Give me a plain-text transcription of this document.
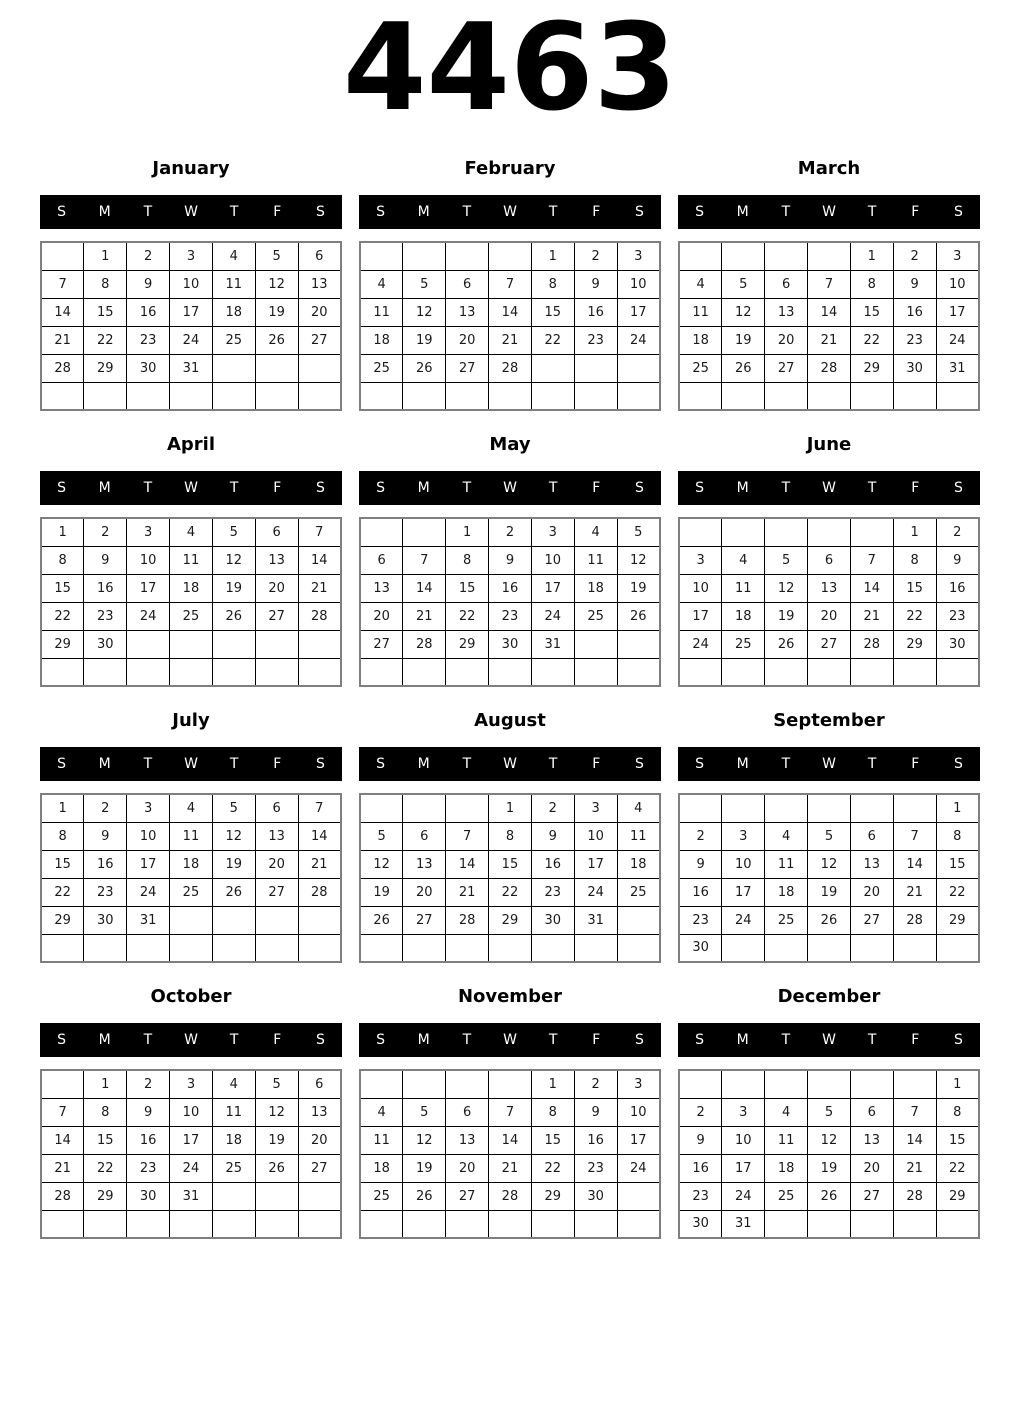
4463
January
S	M	T	W	T	F	S
	1	2	3	4	5	6
7	8	9	10	11	12	13
14	15	16	17	18	19	20
21	22	23	24	25	26	27
28	29	30	31			

February
S	M	T	W	T	F	S
				1	2	3
4	5	6	7	8	9	10
11	12	13	14	15	16	17
18	19	20	21	22	23	24
25	26	27	28			

March
S	M	T	W	T	F	S
				1	2	3
4	5	6	7	8	9	10
11	12	13	14	15	16	17
18	19	20	21	22	23	24
25	26	27	28	29	30	31

April
S	M	T	W	T	F	S
1	2	3	4	5	6	7
8	9	10	11	12	13	14
15	16	17	18	19	20	21
22	23	24	25	26	27	28
29	30					

May
S	M	T	W	T	F	S
		1	2	3	4	5
6	7	8	9	10	11	12
13	14	15	16	17	18	19
20	21	22	23	24	25	26
27	28	29	30	31		

June
S	M	T	W	T	F	S
					1	2
3	4	5	6	7	8	9
10	11	12	13	14	15	16
17	18	19	20	21	22	23
24	25	26	27	28	29	30

July
S	M	T	W	T	F	S
1	2	3	4	5	6	7
8	9	10	11	12	13	14
15	16	17	18	19	20	21
22	23	24	25	26	27	28
29	30	31				

August
S	M	T	W	T	F	S
			1	2	3	4
5	6	7	8	9	10	11
12	13	14	15	16	17	18
19	20	21	22	23	24	25
26	27	28	29	30	31	

September
S	M	T	W	T	F	S
						1
2	3	4	5	6	7	8
9	10	11	12	13	14	15
16	17	18	19	20	21	22
23	24	25	26	27	28	29
30						
October
S	M	T	W	T	F	S
	1	2	3	4	5	6
7	8	9	10	11	12	13
14	15	16	17	18	19	20
21	22	23	24	25	26	27
28	29	30	31			

November
S	M	T	W	T	F	S
				1	2	3
4	5	6	7	8	9	10
11	12	13	14	15	16	17
18	19	20	21	22	23	24
25	26	27	28	29	30	

December
S	M	T	W	T	F	S
						1
2	3	4	5	6	7	8
9	10	11	12	13	14	15
16	17	18	19	20	21	22
23	24	25	26	27	28	29
30	31					
